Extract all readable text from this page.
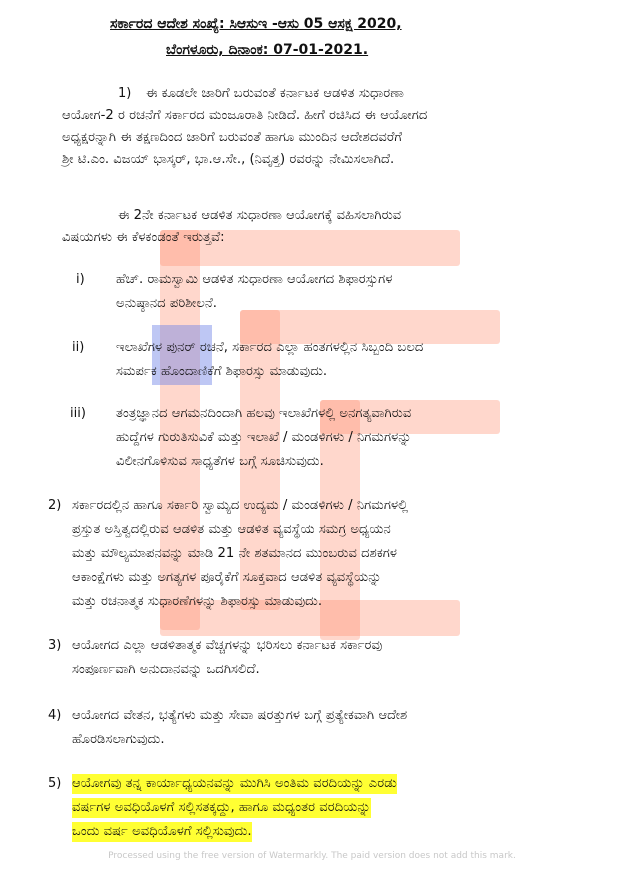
ಸರ್ಕಾರದ ಆದೇಶ ಸಂಖ್ಯೆ: ಸಿಆಸುಇ -ಆಸು 05 ಆಸಕ್ಷ 2020,
ಬೆಂಗಳೂರು, ದಿನಾಂಕ: 07-01-2021.
1) ಈ ಕೂಡಲೇ ಜಾರಿಗೆ ಬರುವಂತೆ ಕರ್ನಾಟಕ ಆಡಳಿತ ಸುಧಾರಣಾ
ಆಯೋಗ-2 ರ ರಚನೆಗೆ ಸರ್ಕಾರದ ಮಂಜೂರಾತಿ ನೀಡಿದೆ. ಹೀಗೆ ರಚಿಸಿದ ಈ ಆಯೋಗದ
ಅಧ್ಯಕ್ಷರನ್ನಾಗಿ ಈ ತಕ್ಷಣದಿಂದ ಜಾರಿಗೆ ಬರುವಂತೆ ಹಾಗೂ ಮುಂದಿನ ಆದೇಶದವರೆಗೆ
ಶ್ರೀ ಟಿ.ಎಂ. ವಿಜಯ್ ಭಾಸ್ಕರ್, ಭಾ.ಆ.ಸೇ., (ನಿವೃತ್ತ) ರವರನ್ನು ನೇಮಿಸಲಾಗಿದೆ.
ಈ 2ನೇ ಕರ್ನಾಟಕ ಆಡಳಿತ ಸುಧಾರಣಾ ಆಯೋಗಕ್ಕೆ ವಹಿಸಲಾಗಿರುವ
ವಿಷಯಗಳು ಈ ಕೆಳಕಂಡಂತೆ ಇರುತ್ತವೆ:
i) ಹೆಚ್. ರಾಮಸ್ವಾಮಿ ಆಡಳಿತ ಸುಧಾರಣಾ ಆಯೋಗದ ಶಿಫಾರಸ್ಸುಗಳ
ಅನುಷ್ಠಾನದ ಪರಿಶೀಲನೆ.
ii) ಇಲಾಖೆಗಳ ಪುನರ್ ರಚನೆ, ಸರ್ಕಾರದ ಎಲ್ಲಾ ಹಂತಗಳಲ್ಲಿನ ಸಿಬ್ಬಂದಿ ಬಲದ
ಸಮರ್ಪಕ ಹೊಂದಾಣಿಕೆಗೆ ಶಿಫಾರಸ್ಸು ಮಾಡುವುದು.
iii) ತಂತ್ರಜ್ಞಾನದ ಆಗಮನದಿಂದಾಗಿ ಹಲವು ಇಲಾಖೆಗಳಲ್ಲಿ ಅನಗತ್ಯವಾಗಿರುವ
ಹುದ್ದೆಗಳ ಗುರುತಿಸುವಿಕೆ ಮತ್ತು ಇಲಾಖೆ / ಮಂಡಳಿಗಳು / ನಿಗಮಗಳನ್ನು
ವಿಲೀನಗೊಳಿಸುವ ಸಾಧ್ಯತೆಗಳ ಬಗ್ಗೆ ಸೂಚಿಸುವುದು.
2) ಸರ್ಕಾರದಲ್ಲಿನ ಹಾಗೂ ಸರ್ಕಾರಿ ಸ್ವಾಮ್ಯದ ಉದ್ಯಮ / ಮಂಡಳಿಗಳು / ನಿಗಮಗಳಲ್ಲಿ
ಪ್ರಸ್ತುತ ಅಸ್ತಿತ್ವದಲ್ಲಿರುವ ಆಡಳಿತ ಮತ್ತು ಆಡಳಿತ ವ್ಯವಸ್ಥೆಯ ಸಮಗ್ರ ಅಧ್ಯಯನ
ಮತ್ತು ಮೌಲ್ಯಮಾಪನವನ್ನು ಮಾಡಿ 21 ನೇ ಶತಮಾನದ ಮುಂಬರುವ ದಶಕಗಳ
ಆಕಾಂಕ್ಷೆಗಳು ಮತ್ತು ಅಗತ್ಯಗಳ ಪೂರೈಕೆಗೆ ಸೂಕ್ತವಾದ ಆಡಳಿತ ವ್ಯವಸ್ಥೆಯನ್ನು
ಮತ್ತು ರಚನಾತ್ಮಕ ಸುಧಾರಣೆಗಳನ್ನು ಶಿಫಾರಸ್ಸು ಮಾಡುವುದು.
3) ಆಯೋಗದ ಎಲ್ಲಾ ಆಡಳಿತಾತ್ಮಕ ವೆಚ್ಚಗಳನ್ನು ಭರಿಸಲು ಕರ್ನಾಟಕ ಸರ್ಕಾರವು
ಸಂಪೂರ್ಣವಾಗಿ ಅನುದಾನವನ್ನು ಒದಗಿಸಲಿದೆ.
4) ಆಯೋಗದ ವೇತನ, ಭತ್ಯೆಗಳು ಮತ್ತು ಸೇವಾ ಷರತ್ತುಗಳ ಬಗ್ಗೆ ಪ್ರತ್ಯೇಕವಾಗಿ ಆದೇಶ
ಹೊರಡಿಸಲಾಗುವುದು.
5) ಆಯೋಗವು ತನ್ನ ಕಾರ್ಯಾಧ್ಯಯನವನ್ನು ಮುಗಿಸಿ ಅಂತಿಮ ವರದಿಯನ್ನು ಎರಡು
ವರ್ಷಗಳ ಅವಧಿಯೊಳಗೆ ಸಲ್ಲಿಸತಕ್ಕದ್ದು, ಹಾಗೂ ಮಧ್ಯಂತರ ವರದಿಯನ್ನು
ಒಂದು ವರ್ಷ ಅವಧಿಯೊಳಗೆ ಸಲ್ಲಿಸುವುದು.
Processed using the free version of Watermarkly. The paid version does not add this mark.
